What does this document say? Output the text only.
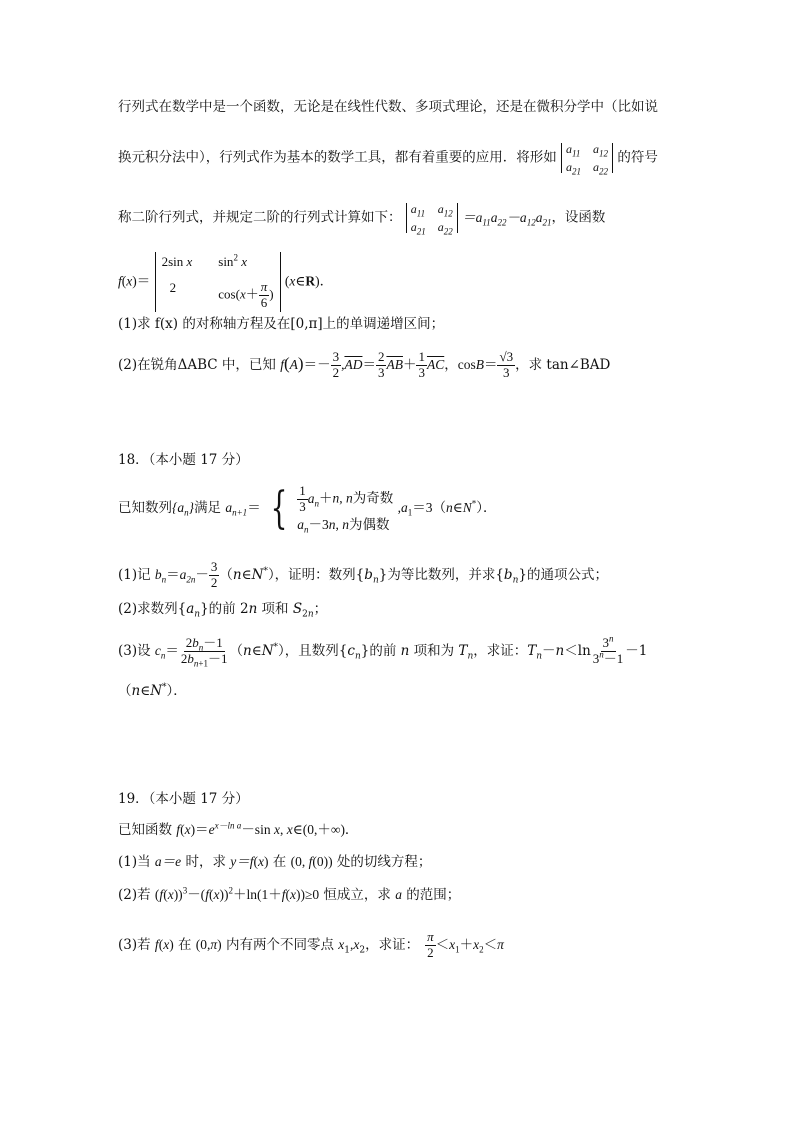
行列式在数学中是一个函数，无论是在线性代数、多项式理论，还是在微积分学中（比如说
换元积分法中），行列式作为基本的数学工具，都有着重要的应用．将形如
$a_{11}$ $a_{12}$
$a_{21}$ $a_{22}$
的符号
称二阶行列式，并规定二阶的行列式计算如下：
$a_{11}$ $a_{12}$
$a_{21}$ $a_{22}$
$=a_{11}a_{22}-a_{12}a_{21}$，设函数
f(x)＝
2sin x $\sin^2 x$
2	$\cos(x+ \frac{\pi}{6}$ )
(x∈R)．
(1)求 f(x) 的对称轴方程及在[0,π]上的单调递增区间；
(2)在锐角ΔABC 中，已知 $f(A)=- \frac{3}{2} ,\overline{AD}= \frac{2}{3} \overline{AB}+ \frac{1}{3} \overline{AC}$，$\cos B= \frac{√3}{3}$ ，求 tan∠BAD
18．（本小题 17 分）
已知数列$\{a_n\}$满足 $a_{n+1}=$ { $\frac{1}{3} a_n+n$, n为奇数
$a_n-3n$, n为偶数
$,a_1=3(n\in N^*)$．
(1)记 $b_n=a_{2n}- \frac{3}{2}$ （n∈N*），证明：数列$\{b_n\}$为等比数列，并求$\{b_n\}$的通项公式；
(2)求数列$\{a_n\}$的前 2n 项和 $S_{2n}$；
(3)设 $c_n= \frac{2b_n-1}{2b_{n+1}-1}$ （n∈N*），且数列$\{c_n\}$的前 n 项和为 $T_n$，求证：$T_n-n<\ln \frac{3^n}{3^n-1} -1$
（n∈N*）．
19．（本小题 17 分）
已知函数 $f(x)=e^{x-ln a}-\sin$ x, x∈(0,＋∞)．
(1)当 a＝e 时，求 y＝f(x) 在 (0, f(0)) 处的切线方程；
(2)若 $(f(x))^3-(f(x))^2+\ln(1+f(x))\ge 0$ 恒成立，求 a 的范围；
(3)若 f(x) 在 (0,π) 内有两个不同零点 $x_1,x_2$，求证： $\frac{\pi}{2} <x_1+x_2<\pi$
